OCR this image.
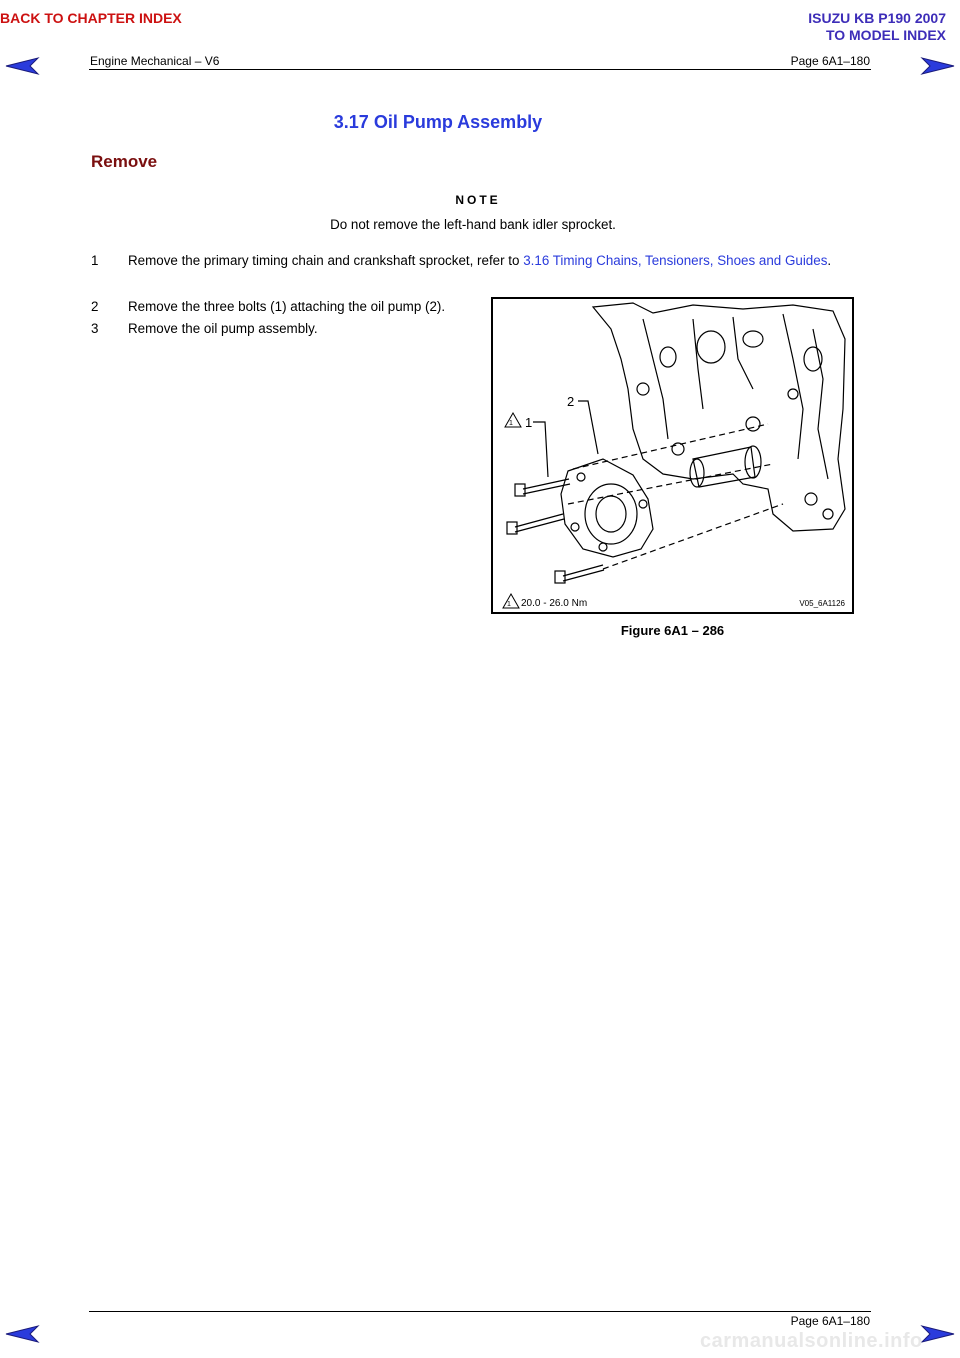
BACK TO CHAPTER INDEX	ISUZU KB P190 2007
TO MODEL INDEX
Engine Mechanical – V6	Page 6A1–180
3.17 Oil Pump Assembly
Remove
NOTE
Do not remove the left-hand bank idler sprocket.
1 Remove the primary timing chain and crankshaft sprocket, refer to 3.16 Timing Chains, Tensioners, Shoes and Guides.
2 Remove the three bolts (1) attaching the oil pump (2).
3 Remove the oil pump assembly.
1 1
2
1 20.0 - 26.0 Nm	V05_6A1126
Figure 6A1 – 286
Page 6A1–180
carmanualsonline.info
